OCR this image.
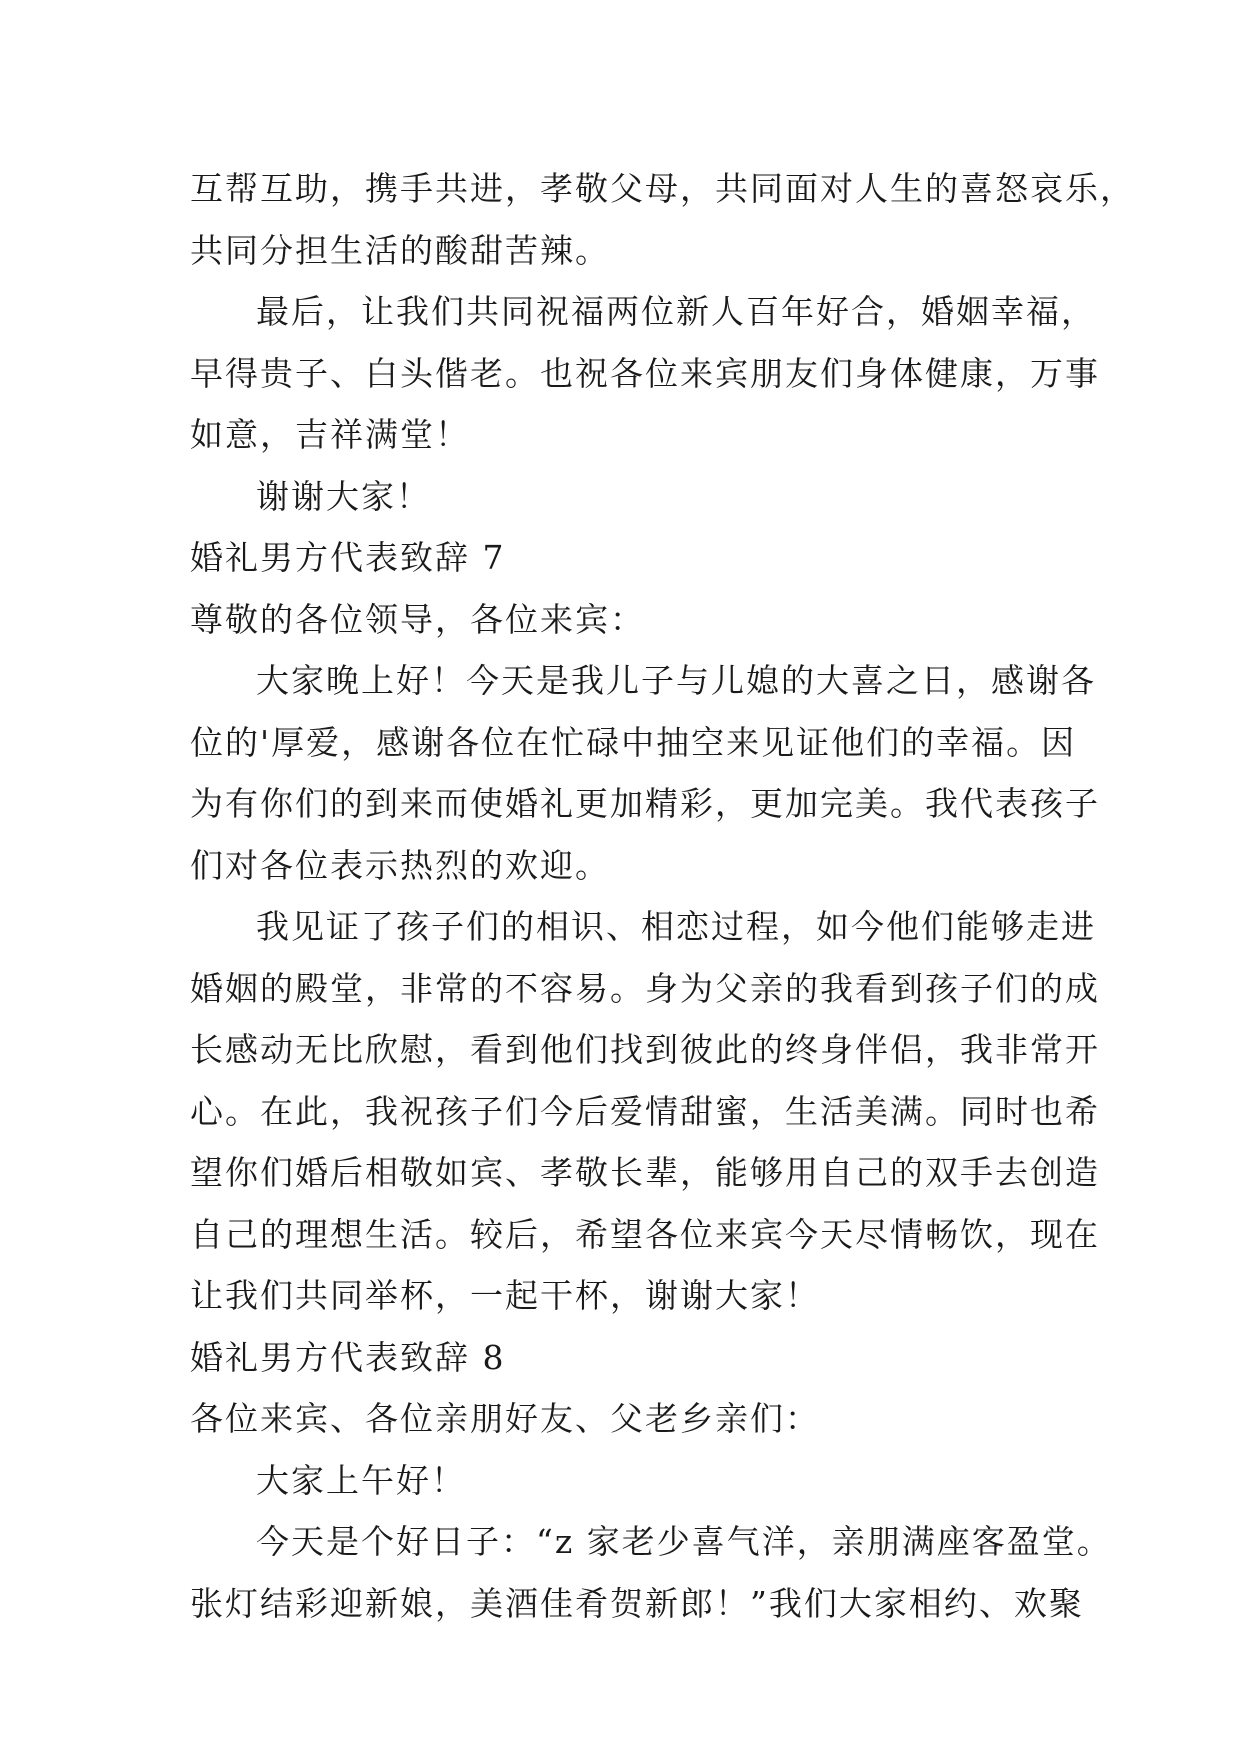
互帮互助，携手共进，孝敬父母，共同面对人生的喜怒哀乐，
共同分担生活的酸甜苦辣。
最后，让我们共同祝福两位新人百年好合，婚姻幸福，
早得贵子、白头偕老。也祝各位来宾朋友们身体健康，万事
如意，吉祥满堂！
谢谢大家！
婚礼男方代表致辞 7
尊敬的各位领导，各位来宾：
大家晚上好！今天是我儿子与儿媳的大喜之日，感谢各
位的'厚爱，感谢各位在忙碌中抽空来见证他们的幸福。因
为有你们的到来而使婚礼更加精彩，更加完美。我代表孩子
们对各位表示热烈的欢迎。
我见证了孩子们的相识、相恋过程，如今他们能够走进
婚姻的殿堂，非常的不容易。身为父亲的我看到孩子们的成
长感动无比欣慰，看到他们找到彼此的终身伴侣，我非常开
心。在此，我祝孩子们今后爱情甜蜜，生活美满。同时也希
望你们婚后相敬如宾、孝敬长辈，能够用自己的双手去创造
自己的理想生活。较后，希望各位来宾今天尽情畅饮，现在
让我们共同举杯，一起干杯，谢谢大家！
婚礼男方代表致辞 8
各位来宾、各位亲朋好友、父老乡亲们：
大家上午好！
今天是个好日子：“z 家老少喜气洋，亲朋满座客盈堂。
张灯结彩迎新娘，美酒佳肴贺新郎！”我们大家相约、欢聚
